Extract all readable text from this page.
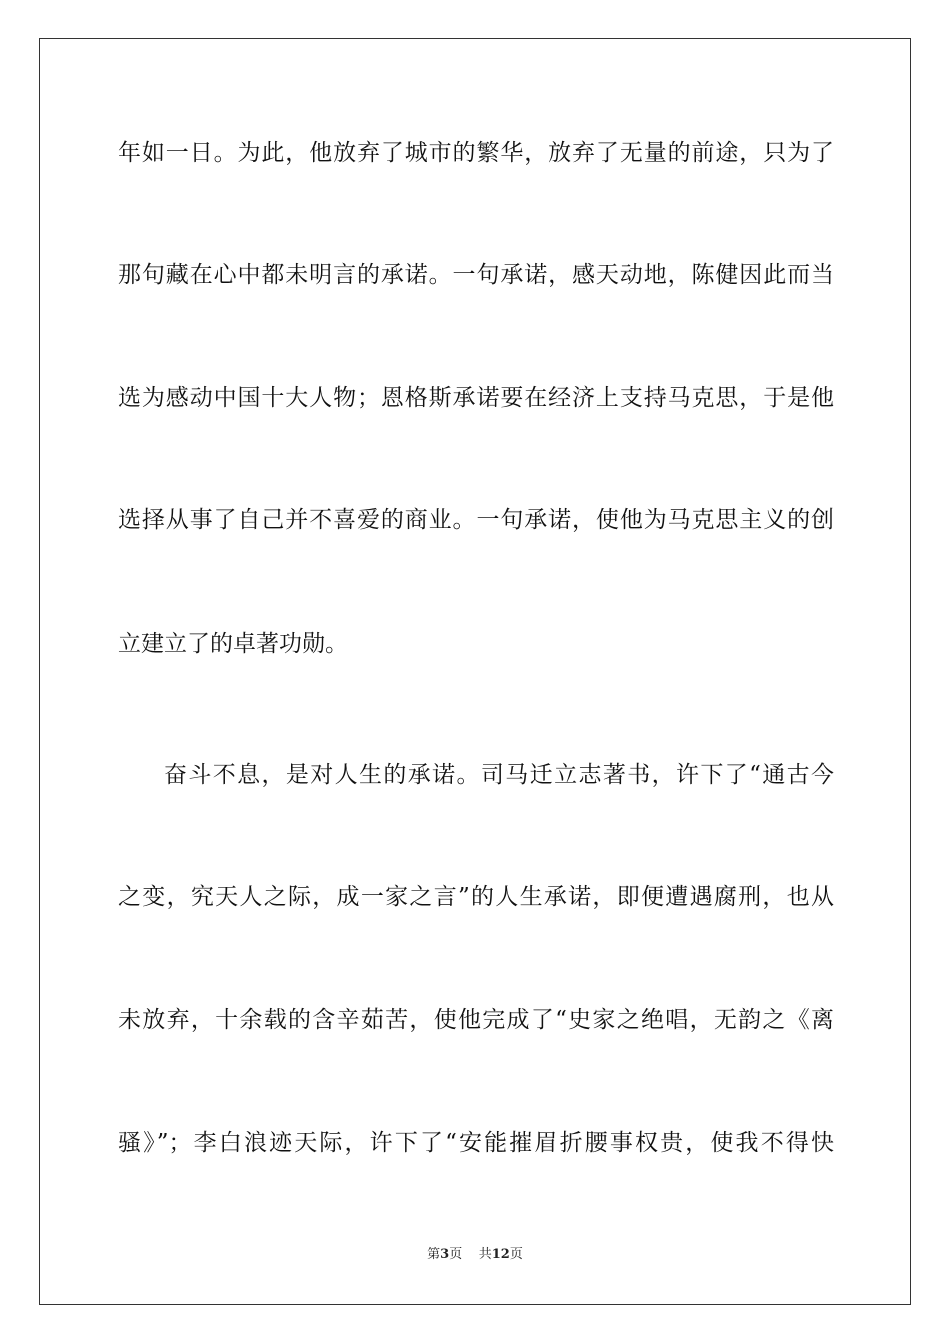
年如一日。为此，他放弃了城市的繁华，放弃了无量的前途，只为了
那句藏在心中都未明言的承诺。一句承诺，感天动地，陈健因此而当
选为感动中国十大人物；恩格斯承诺要在经济上支持马克思，于是他
选择从事了自己并不喜爱的商业。一句承诺，使他为马克思主义的创
立建立了的卓著功勋。
奋斗不息，是对人生的承诺。司马迁立志著书，许下了“通古今
之变，究天人之际，成一家之言”的人生承诺，即便遭遇腐刑，也从
未放弃，十余载的含辛茹苦，使他完成了“史家之绝唱，无韵之《离
骚》”；李白浪迹天际，许下了“安能摧眉折腰事权贵，使我不得快
第3页 共12页
